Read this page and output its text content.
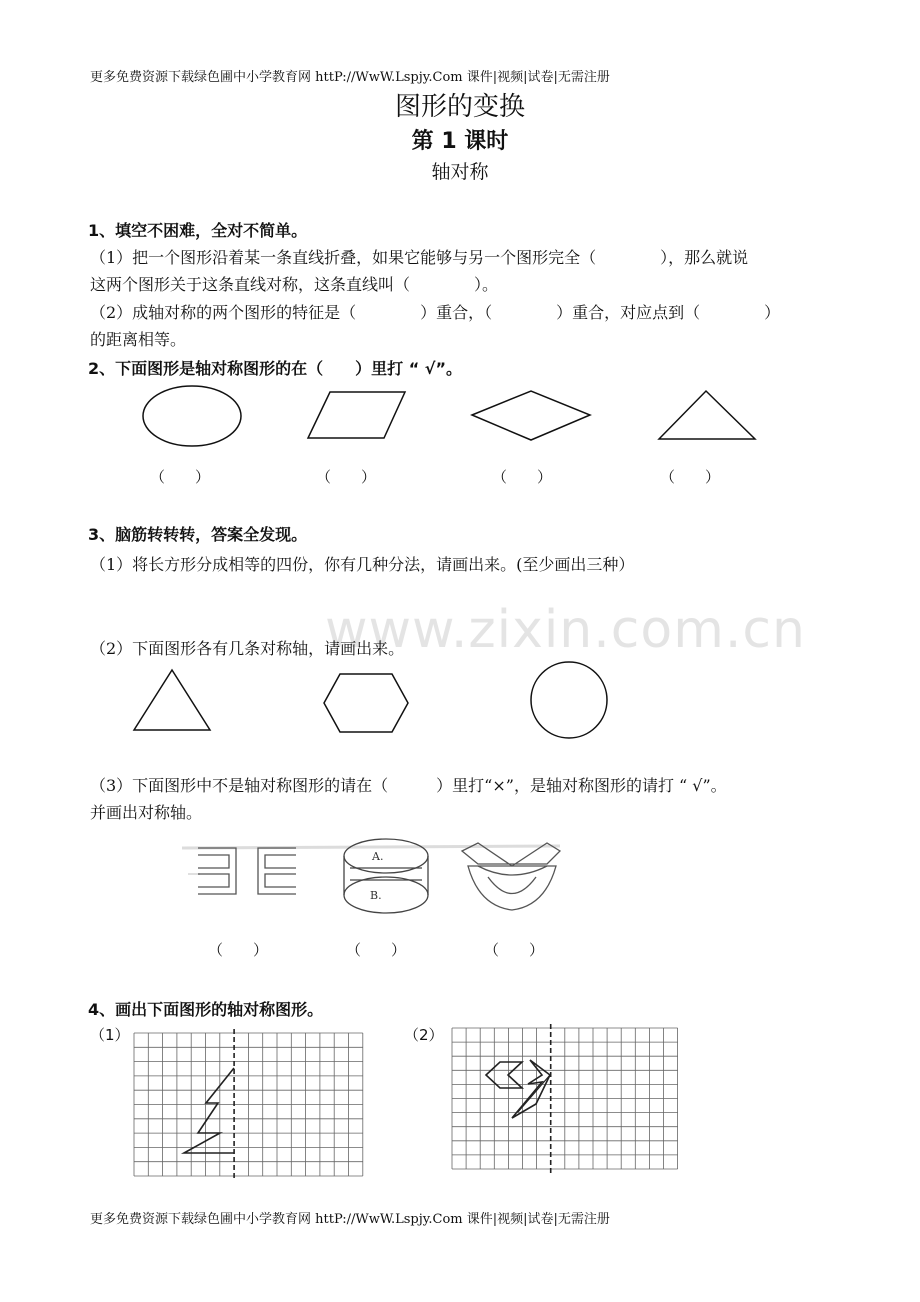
更多免费资源下载绿色圃中小学教育网 httP://WwW.Lspjy.Com 课件|视频|试卷|无需注册
更多免费资源下载绿色圃中小学教育网 httP://WwW.Lspjy.Com 课件|视频|试卷|无需注册
www.zixin.com.cn
图形的变换
第 1 课时
轴对称
1、填空不困难，全对不简单。
（1）把一个图形沿着某一条直线折叠，如果它能够与另一个图形完全（　　　　），那么就说
这两个图形关于这条直线对称，这条直线叫（　　　　）。
（2）成轴对称的两个图形的特征是（　　　　）重合，（　　　　）重合，对应点到（　　　　）
的距离相等。
2、下面图形是轴对称图形的在（　　）里打 “ √”。
（　　）	（　　）	（　　）	（　　）
3、脑筋转转转，答案全发现。
（1）将长方形分成相等的四份，你有几种分法，请画出来。(至少画出三种）
（2）下面图形各有几条对称轴，请画出来。
（3）下面图形中不是轴对称图形的请在（　　　）里打“×”，是轴对称图形的请打 “ √”。
并画出对称轴。
A.
B.
（　　）	（　　）	（　　）
4、画出下面图形的轴对称图形。
（1）	（2）
